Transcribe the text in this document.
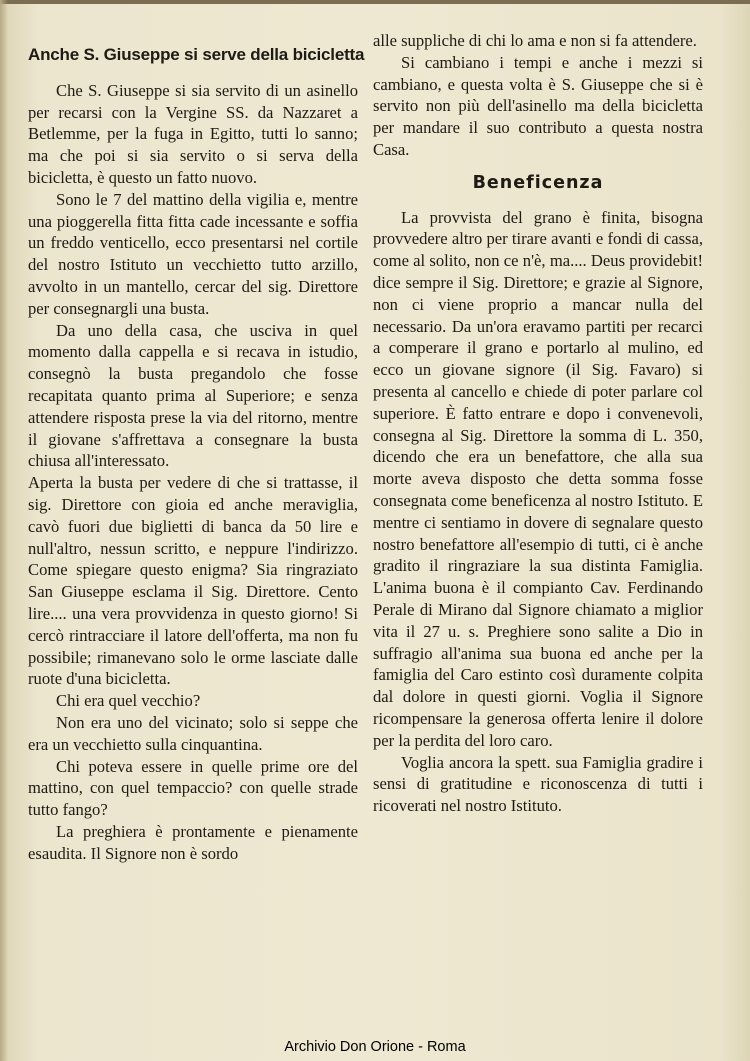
Anche S. Giuseppe si serve della bicicletta

Che S. Giuseppe si sia servito di un asinello per recarsi con la Vergine SS. da Nazzaret a Betlemme, per la fuga in Egitto, tutti lo sanno; ma che poi si sia servito o si serva della bicicletta, è questo un fatto nuovo.

Sono le 7 del mattino della vigilia e, mentre una pioggerella fitta fitta cade incessante e soffia un freddo venticello, ecco presentarsi nel cortile del nostro Istituto un vecchietto tutto arzillo, avvolto in un mantello, cercar del sig. Direttore per consegnargli una busta.

Da uno della casa, che usciva in quel momento dalla cappella e si recava in istudio, consegnò la busta pregandolo che fosse recapitata quanto prima al Superiore; e senza attendere risposta prese la via del ritorno, mentre il giovane s'affrettava a consegnare la busta chiusa all'interessato.

Aperta la busta per vedere di che si trattasse, il sig. Direttore con gioia ed anche meraviglia, cavò fuori due biglietti di banca da 50 lire e null'altro, nessun scritto, e neppure l'indirizzo. Come spiegare questo enigma? Sia ringraziato San Giuseppe esclama il Sig. Direttore. Cento lire.... una vera provvidenza in questo giorno! Si cercò rintracciare il latore dell'offerta, ma non fu possibile; rimanevano solo le orme lasciate dalle ruote d'una bicicletta.

Chi era quel vecchio?

Non era uno del vicinato; solo si seppe che era un vecchietto sulla cinquantina.

Chi poteva essere in quelle prime ore del mattino, con quel tempaccio? con quelle strade tutto fango?

La preghiera è prontamente e pienamente esaudita. Il Signore non è sordo

alle suppliche di chi lo ama e non si fa attendere.

Si cambiano i tempi e anche i mezzi si cambiano, e questa volta è S. Giuseppe che si è servito non più dell'asinello ma della bicicletta per mandare il suo contributo a questa nostra Casa.

Beneficenza

La provvista del grano è finita, bisogna provvedere altro per tirare avanti e fondi di cassa, come al solito, non ce n'è, ma.... Deus providebit! dice sempre il Sig. Direttore; e grazie al Signore, non ci viene proprio a mancar nulla del necessario. Da un'ora eravamo partiti per recarci a comperare il grano e portarlo al mulino, ed ecco un giovane signore (il Sig. Favaro) si presenta al cancello e chiede di poter parlare col superiore. È fatto entrare e dopo i convenevoli, consegna al Sig. Direttore la somma di L. 350, dicendo che era un benefattore, che alla sua morte aveva disposto che detta somma fosse consegnata come beneficenza al nostro Istituto. E mentre ci sentiamo in dovere di segnalare questo nostro benefattore all'esempio di tutti, ci è anche gradito il ringraziare la sua distinta Famiglia. L'anima buona è il compianto Cav. Ferdinando Perale di Mirano dal Signore chiamato a miglior vita il 27 u. s. Preghiere sono salite a Dio in suffragio all'anima sua buona ed anche per la famiglia del Caro estinto così duramente colpita dal dolore in questi giorni. Voglia il Signore ricompensare la generosa offerta lenire il dolore per la perdita del loro caro.

Voglia ancora la spett. sua Famiglia gradire i sensi di gratitudine e riconoscenza di tutti i ricoverati nel nostro Istituto.

Archivio Don Orione - Roma
